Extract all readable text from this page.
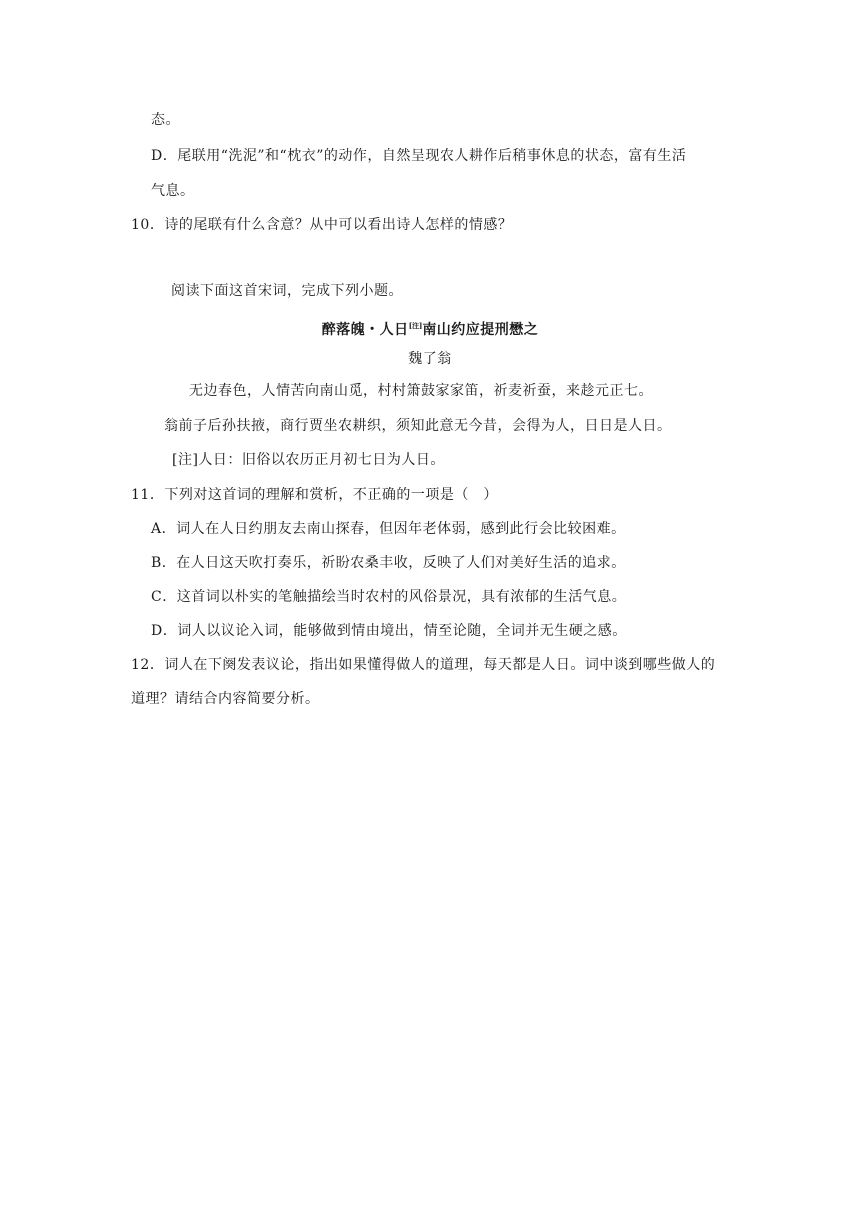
态。
D．尾联用“洗泥”和“枕衣”的动作，自然呈现农人耕作后稍事休息的状态，富有生活
气息。
10．诗的尾联有什么含意？从中可以看出诗人怎样的情感？
阅读下面这首宋词，完成下列小题。
醉落魄・人日[注]南山约应提刑懋之
魏了翁
无边春色，人情苦向南山觅，村村箫鼓家家笛，祈麦祈蚕，来趁元正七。
翁前子后孙扶掖，商行贾坐农耕织，须知此意无今昔，会得为人，日日是人日。
[注]人日：旧俗以农历正月初七日为人日。
11．下列对这首词的理解和赏析，不正确的一项是（　）
A．词人在人日约朋友去南山探春，但因年老体弱，感到此行会比较困难。
B．在人日这天吹打奏乐，祈盼农桑丰收，反映了人们对美好生活的追求。
C．这首词以朴实的笔触描绘当时农村的风俗景况，具有浓郁的生活气息。
D．词人以议论入词，能够做到情由境出，情至论随，全词并无生硬之感。
12．词人在下阕发表议论，指出如果懂得做人的道理，每天都是人日。词中谈到哪些做人的
道理？请结合内容简要分析。
